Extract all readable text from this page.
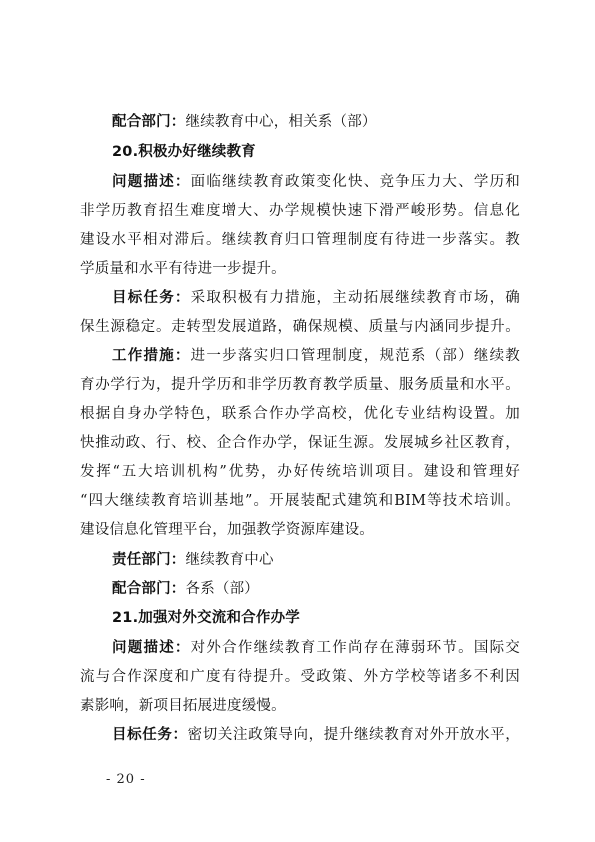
配合部门：继续教育中心，相关系（部）
20.积极办好继续教育
问题描述：面临继续教育政策变化快、竞争压力大、学历和
非学历教育招生难度增大、办学规模快速下滑严峻形势。信息化
建设水平相对滞后。继续教育归口管理制度有待进一步落实。教
学质量和水平有待进一步提升。
目标任务：采取积极有力措施，主动拓展继续教育市场，确
保生源稳定。走转型发展道路，确保规模、质量与内涵同步提升。
工作措施：进一步落实归口管理制度，规范系（部）继续教
育办学行为，提升学历和非学历教育教学质量、服务质量和水平。
根据自身办学特色，联系合作办学高校，优化专业结构设置。加
快推动政、行、校、企合作办学，保证生源。发展城乡社区教育，
发挥“五大培训机构”优势，办好传统培训项目。建设和管理好
“四大继续教育培训基地”。开展装配式建筑和BIM等技术培训。
建设信息化管理平台，加强教学资源库建设。
责任部门：继续教育中心
配合部门：各系（部）
21.加强对外交流和合作办学
问题描述：对外合作继续教育工作尚存在薄弱环节。国际交
流与合作深度和广度有待提升。受政策、外方学校等诸多不利因
素影响，新项目拓展进度缓慢。
目标任务：密切关注政策导向，提升继续教育对外开放水平，
- 20 -
